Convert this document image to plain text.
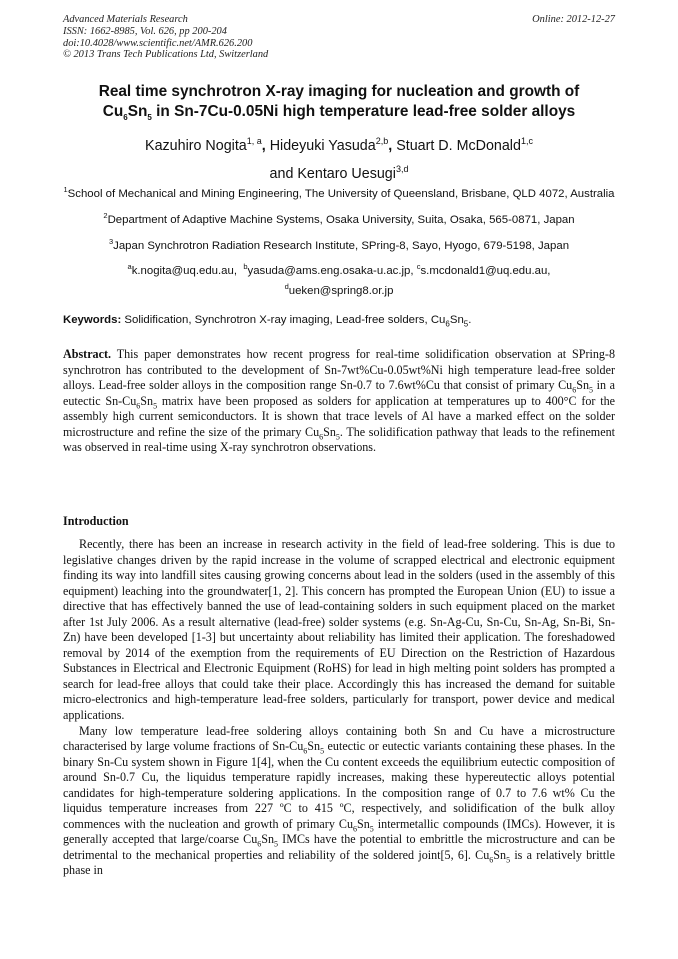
Advanced Materials Research
ISSN: 1662-8985, Vol. 626, pp 200-204
doi:10.4028/www.scientific.net/AMR.626.200
© 2013 Trans Tech Publications Ltd, Switzerland
Online: 2012-12-27
Real time synchrotron X-ray imaging for nucleation and growth of
$Cu_6Sn_5$ in Sn-7Cu-0.05Ni high temperature lead-free solder alloys
Kazuhiro Nogita$^{1, a}$, Hideyuki Yasuda$^{2,b}$, Stuart D. McDonald$^{1,c}$
and Kentaro Uesugi$^{3,d}$

$^1$School of Mechanical and Mining Engineering, The University of Queensland, Brisbane, QLD 4072, Australia

$^2$Department of Adaptive Machine Systems, Osaka University, Suita, Osaka, 565-0871, Japan

$^3$Japan Synchrotron Radiation Research Institute, SPring-8, Sayo, Hyogo, 679-5198, Japan

$^a$k.nogita@uq.edu.au, $^b$yasuda@ams.eng.osaka-u.ac.jp, $^c$s.mcdonald1@uq.edu.au,
$^d$ueken@spring8.or.jp

Keywords: Solidification, Synchrotron X-ray imaging, Lead-free solders, $Cu_6Sn_5$.

Abstract. This paper demonstrates how recent progress for real-time solidification observation at SPring-8 synchrotron has contributed to the development of Sn-7wt%Cu-0.05wt%Ni high temperature lead-free solder alloys. Lead-free solder alloys in the composition range Sn-0.7 to 7.6wt%Cu that consist of primary $Cu_6Sn_5$ in a eutectic $Sn-Cu_6Sn_5$ matrix have been proposed as solders for application at temperatures up to 400°C for the assembly high current semiconductors. It is shown that trace levels of Al have a marked effect on the solder microstructure and refine the size of the primary $Cu_6Sn_5$. The solidification pathway that leads to the refinement was observed in real-time using X-ray synchrotron observations.

Introduction

Recently, there has been an increase in research activity in the field of lead-free soldering. This is due to legislative changes driven by the rapid increase in the volume of scrapped electrical and electronic equipment finding its way into landfill sites causing growing concerns about lead in the solders (used in the assembly of this equipment) leaching into the groundwater[1, 2]. This concern has prompted the European Union (EU) to issue a directive that has effectively banned the use of lead-containing solders in such equipment placed on the market after 1st July 2006. As a result alternative (lead-free) solder systems (e.g. Sn-Ag-Cu, Sn-Cu, Sn-Ag, Sn-Bi, Sn-Zn) have been developed [1-3] but uncertainty about reliability has limited their application. The foreshadowed removal by 2014 of the exemption from the requirements of EU Direction on the Restriction of Hazardous Substances in Electrical and Electronic Equipment (RoHS) for lead in high melting point solders has prompted a search for lead-free alloys that could take their place. Accordingly this has increased the demand for suitable micro-electronics and high-temperature lead-free solders, particularly for transport, power device and medical applications.

Many low temperature lead-free soldering alloys containing both Sn and Cu have a microstructure characterised by large volume fractions of $Sn-Cu_6Sn_5$ eutectic or eutectic variants containing these phases. In the binary Sn-Cu system shown in Figure 1[4], when the Cu content exceeds the equilibrium eutectic composition of around Sn-0.7 Cu, the liquidus temperature rapidly increases, making these hypereutectic alloys potential candidates for high-temperature soldering applications. In the composition range of 0.7 to 7.6 wt% Cu the liquidus temperature increases from 227 ºC to 415 ºC, respectively, and solidification of the bulk alloy commences with the nucleation and growth of primary $Cu_6Sn_5$ intermetallic compounds (IMCs). However, it is generally accepted that large/coarse $Cu_6Sn_5$ IMCs have the potential to embrittle the microstructure and can be detrimental to the mechanical properties and reliability of the soldered joint[5, 6]. $Cu_6Sn_5$ is a relatively brittle phase in
